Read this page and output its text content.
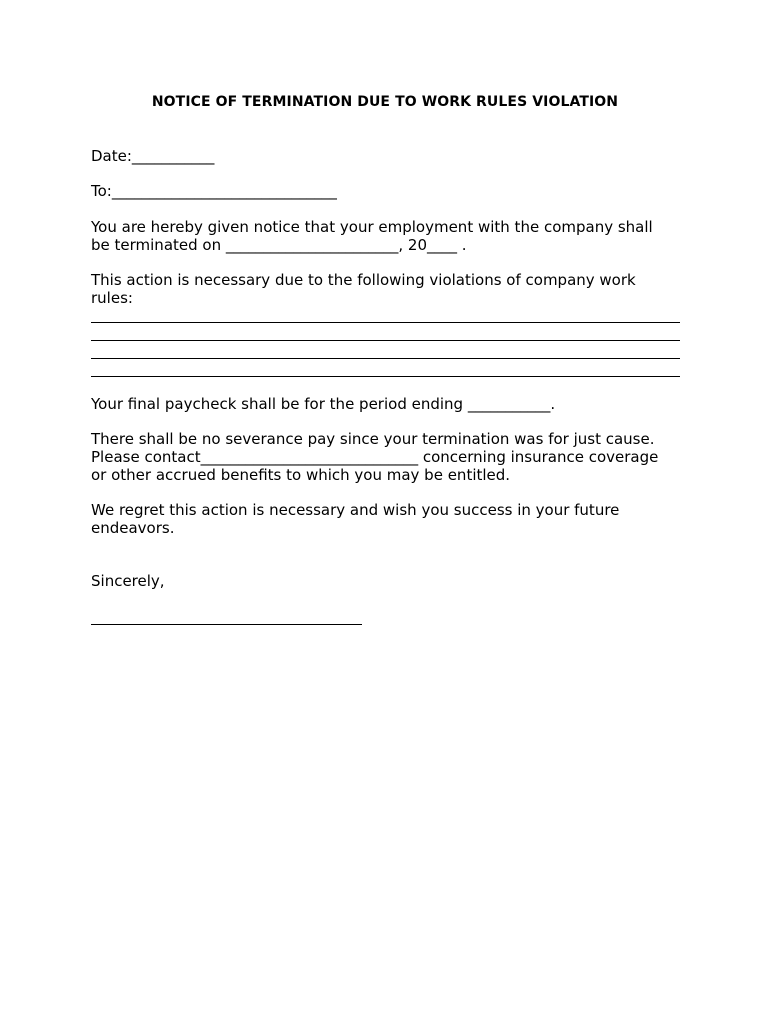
NOTICE OF TERMINATION DUE TO WORK RULES VIOLATION
Date:___________
To:______________________________
You are hereby given notice that your employment with the company shall
be terminated on _______________________, 20____ .
This action is necessary due to the following violations of company work
rules:
Your final paycheck shall be for the period ending ___________.
There shall be no severance pay since your termination was for just cause.
Please contact_____________________________ concerning insurance coverage
or other accrued benefits to which you may be entitled.
We regret this action is necessary and wish you success in your future
endeavors.
Sincerely,
